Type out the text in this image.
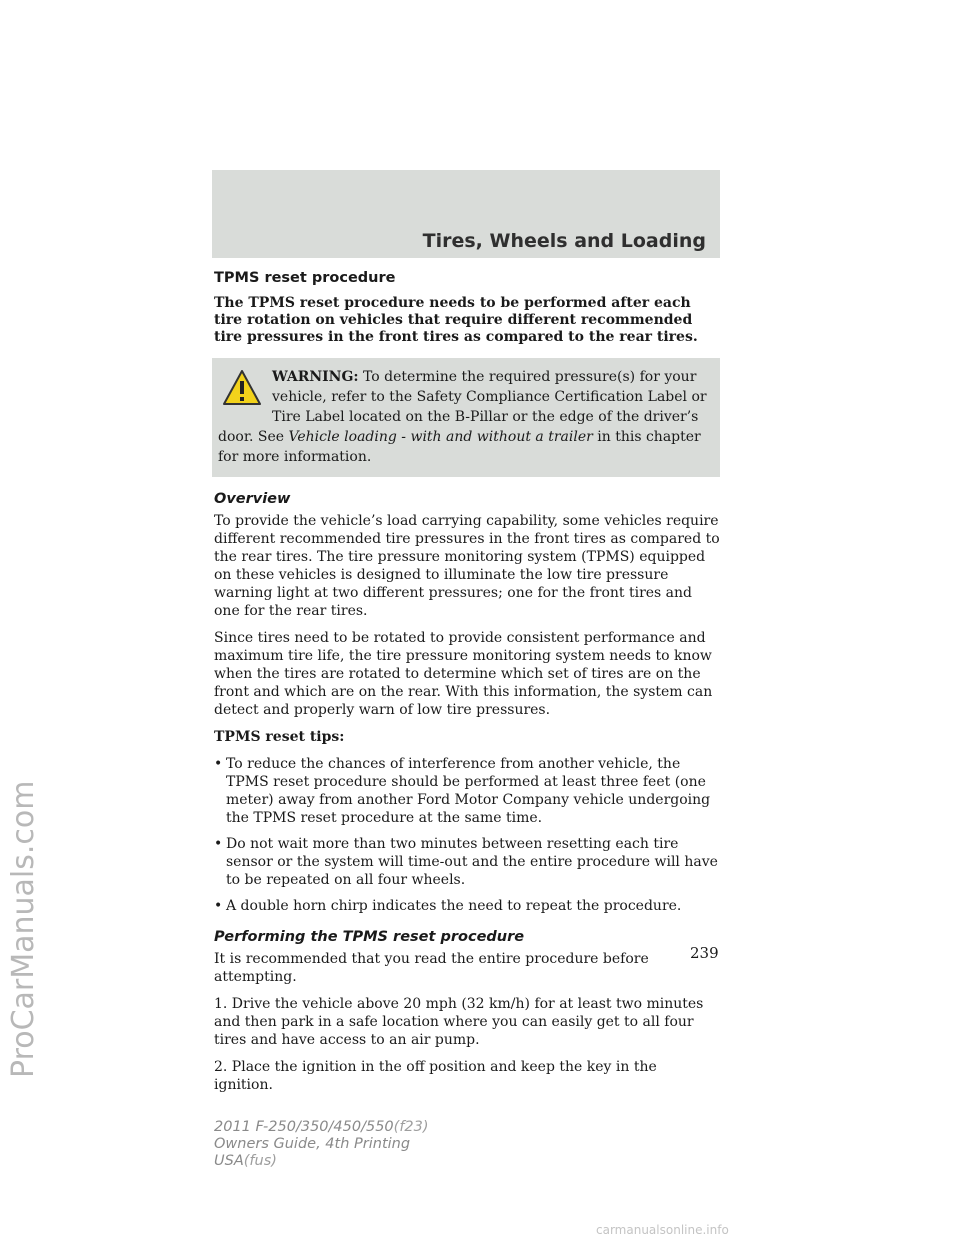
ProCarManuals.com
Tires, Wheels and Loading
TPMS reset procedure

The TPMS reset procedure needs to be performed after each tire rotation on vehicles that require different recommended tire pressures in the front tires as compared to the rear tires.

WARNING: To determine the required pressure(s) for your vehicle, refer to the Safety Compliance Certification Label or Tire Label located on the B-Pillar or the edge of the driver’s door. See Vehicle loading - with and without a trailer in this chapter for more information.
Overview

To provide the vehicle’s load carrying capability, some vehicles require different recommended tire pressures in the front tires as compared to the rear tires. The tire pressure monitoring system (TPMS) equipped on these vehicles is designed to illuminate the low tire pressure warning light at two different pressures; one for the front tires and one for the rear tires.

Since tires need to be rotated to provide consistent performance and maximum tire life, the tire pressure monitoring system needs to know when the tires are rotated to determine which set of tires are on the front and which are on the rear. With this information, the system can detect and properly warn of low tire pressures.

TPMS reset tips:

• To reduce the chances of interference from another vehicle, the TPMS reset procedure should be performed at least three feet (one meter) away from another Ford Motor Company vehicle undergoing the TPMS reset procedure at the same time.
• Do not wait more than two minutes between resetting each tire sensor or the system will time-out and the entire procedure will have to be repeated on all four wheels.
• A double horn chirp indicates the need to repeat the procedure.
Performing the TPMS reset procedure

It is recommended that you read the entire procedure before attempting.

1. Drive the vehicle above 20 mph (32 km/h) for at least two minutes and then park in a safe location where you can easily get to all four tires and have access to an air pump.

2. Place the ignition in the off position and keep the key in the ignition.

239
2011 F-250/350/450/550(f23)
Owners Guide, 4th Printing
USA(fus)
carmanualsonline.info
